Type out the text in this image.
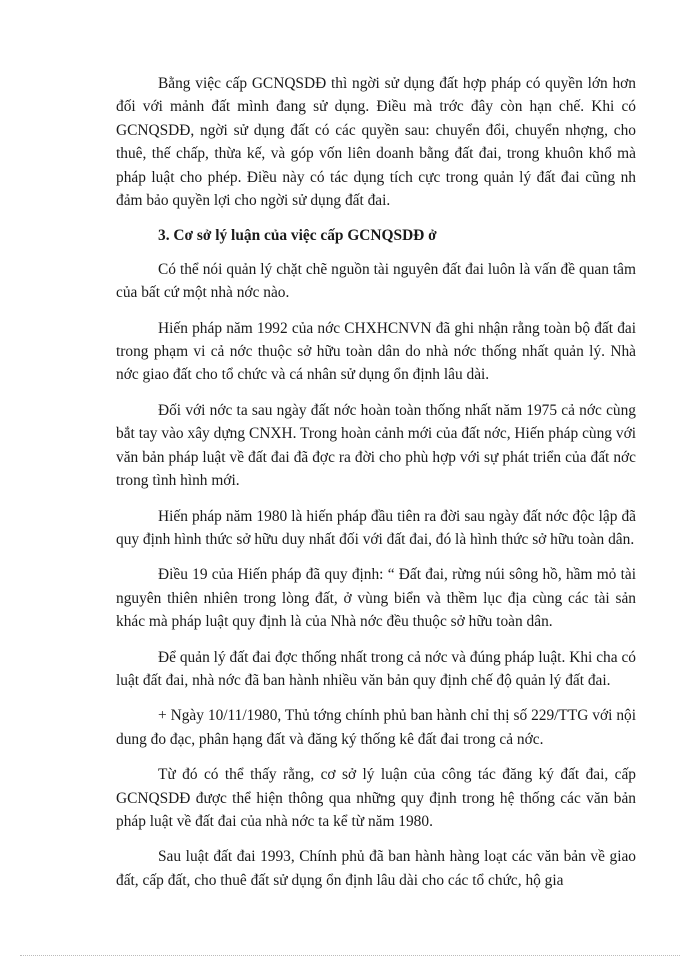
Bằng việc cấp GCNQSDĐ thì ngời sử dụng đất hợp pháp có quyền lớn hơn đối với mảnh đất mình đang sử dụng. Điều mà trớc đây còn hạn chế. Khi có GCNQSDĐ, ngời sử dụng đất có các quyền sau: chuyển đổi, chuyển nhợng, cho thuê, thế chấp, thừa kế, và góp vốn liên doanh bằng đất đai, trong khuôn khổ mà pháp luật cho phép. Điều này có tác dụng tích cực trong quản lý đất đai cũng nh đảm bảo quyền lợi cho ngời sử dụng đất đai.

3. Cơ sở lý luận của việc cấp GCNQSDĐ ở

Có thể nói quản lý chặt chẽ nguồn tài nguyên đất đai luôn là vấn đề quan tâm của bất cứ một nhà nớc nào.

Hiến pháp năm 1992 của nớc CHXHCNVN đã ghi nhận rằng toàn bộ đất đai trong phạm vi cả nớc thuộc sở hữu toàn dân do nhà nớc thống nhất quản lý. Nhà nớc giao đất cho tổ chức và cá nhân sử dụng ổn định lâu dài.

Đối với nớc ta sau ngày đất nớc hoàn toàn thống nhất năm 1975 cả nớc cùng bắt tay vào xây dựng CNXH. Trong hoàn cảnh mới của đất nớc, Hiến pháp cùng với văn bản pháp luật về đất đai đã đợc ra đời cho phù hợp với sự phát triển của đất nớc trong tình hình mới.

Hiến pháp năm 1980 là hiến pháp đầu tiên ra đời sau ngày đất nớc độc lập đã quy định hình thức sở hữu duy nhất đối với đất đai, đó là hình thức sở hữu toàn dân.

Điều 19 của Hiến pháp đã quy định: “ Đất đai, rừng núi sông hồ, hầm mỏ tài nguyên thiên nhiên trong lòng đất, ở vùng biển và thềm lục địa cùng các tài sản khác mà pháp luật quy định là của Nhà nớc đều thuộc sở hữu toàn dân.

Để quản lý đất đai đợc thống nhất trong cả nớc và đúng pháp luật. Khi cha có luật đất đai, nhà nớc đã ban hành nhiều văn bản quy định chế độ quản lý đất đai.

+ Ngày 10/11/1980, Thủ tớng chính phủ ban hành chỉ thị số 229/TTG với nội dung đo đạc, phân hạng đất và đăng ký thống kê đất đai trong cả nớc.

Từ đó có thể thấy rằng, cơ sở lý luận của công tác đăng ký đất đai, cấp GCNQSDĐ được thể hiện thông qua những quy định trong hệ thống các văn bản pháp luật về đất đai của nhà nớc ta kể từ năm 1980.

Sau luật đất đai 1993, Chính phủ đã ban hành hàng loạt các văn bản về giao đất, cấp đất, cho thuê đất sử dụng ổn định lâu dài cho các tổ chức, hộ gia
